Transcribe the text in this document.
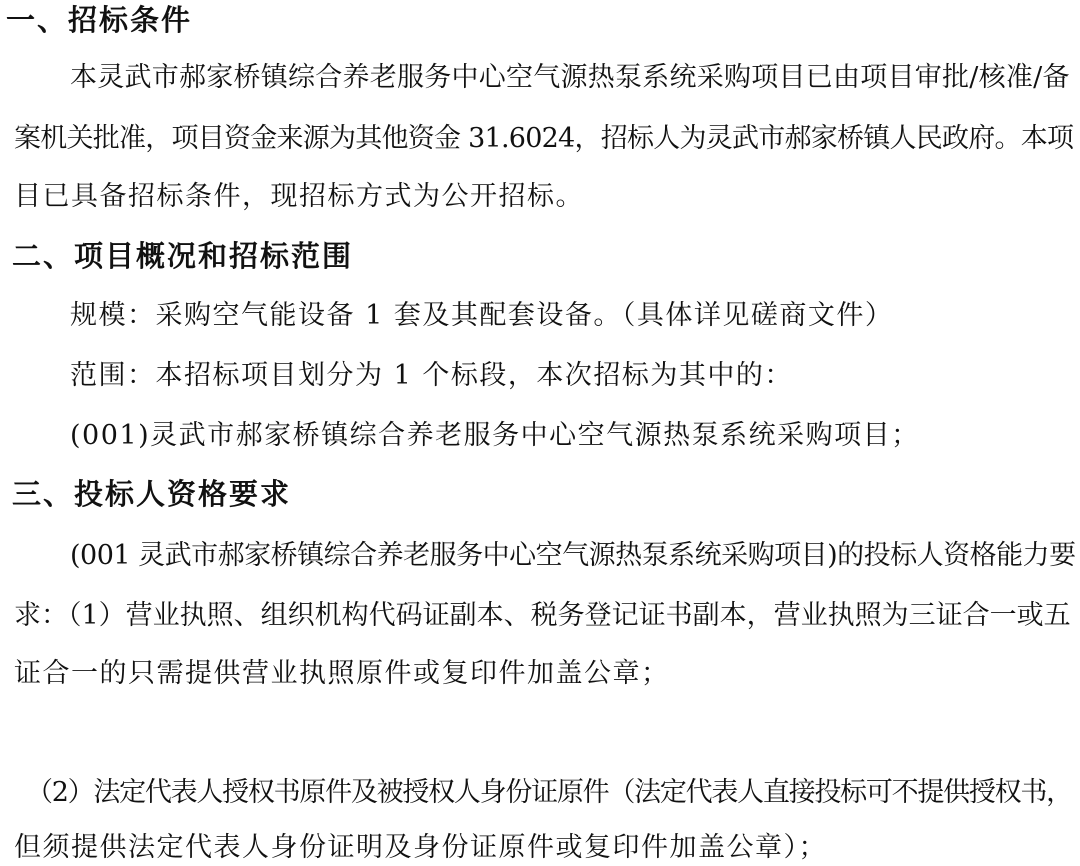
一、招标条件
本灵武市郝家桥镇综合养老服务中心空气源热泵系统采购项目已由项目审批/核准/备
案机关批准，项目资金来源为其他资金 31.6024，招标人为灵武市郝家桥镇人民政府。本项
目已具备招标条件，现招标方式为公开招标。
二、项目概况和招标范围
规模：采购空气能设备 1 套及其配套设备。（具体详见磋商文件）
范围：本招标项目划分为 1 个标段，本次招标为其中的：
(001)灵武市郝家桥镇综合养老服务中心空气源热泵系统采购项目；
三、投标人资格要求
(001 灵武市郝家桥镇综合养老服务中心空气源热泵系统采购项目)的投标人资格能力要
求：（1）营业执照、组织机构代码证副本、税务登记证书副本，营业执照为三证合一或五
证合一的只需提供营业执照原件或复印件加盖公章；
（2）法定代表人授权书原件及被授权人身份证原件（法定代表人直接投标可不提供授权书，
但须提供法定代表人身份证明及身份证原件或复印件加盖公章）；
